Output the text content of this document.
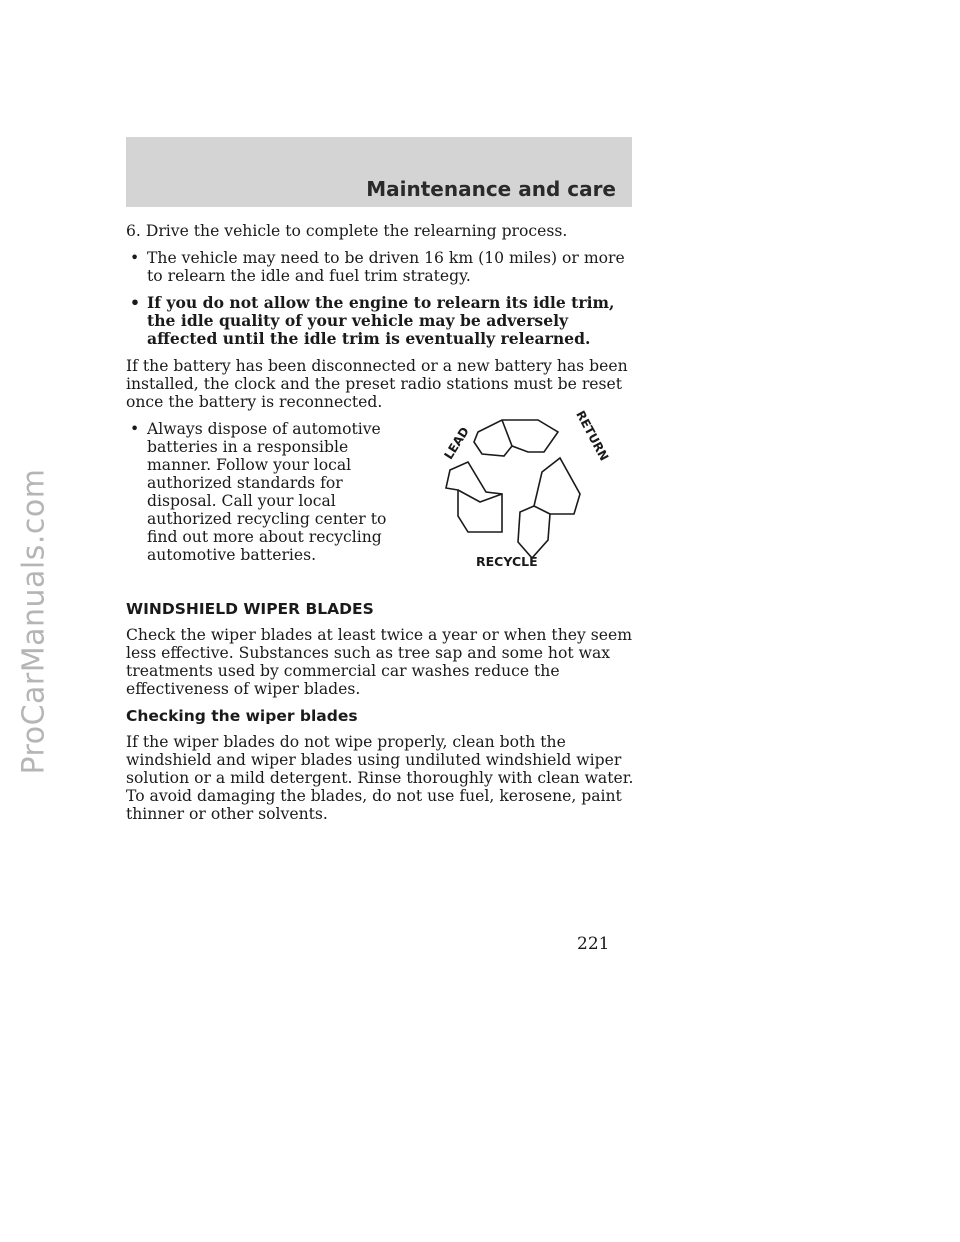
ProCarManuals.com
Maintenance and care

6. Drive the vehicle to complete the relearning process.

• The vehicle may need to be driven 16 km (10 miles) or more to relearn the idle and fuel trim strategy.
• If you do not allow the engine to relearn its idle trim, the idle quality of your vehicle may be adversely affected until the idle trim is eventually relearned.

If the battery has been disconnected or a new battery has been installed, the clock and the preset radio stations must be reset once the battery is reconnected.

• Always dispose of automotive batteries in a responsible manner. Follow your local authorized standards for disposal. Call your local authorized recycling center to find out more about recycling automotive batteries.
LEAD	RETURN
RECYCLE
WINDSHIELD WIPER BLADES

Check the wiper blades at least twice a year or when they seem less effective. Substances such as tree sap and some hot wax treatments used by commercial car washes reduce the effectiveness of wiper blades.

Checking the wiper blades

If the wiper blades do not wipe properly, clean both the windshield and wiper blades using undiluted windshield wiper solution or a mild detergent. Rinse thoroughly with clean water. To avoid damaging the blades, do not use fuel, kerosene, paint thinner or other solvents.

221
